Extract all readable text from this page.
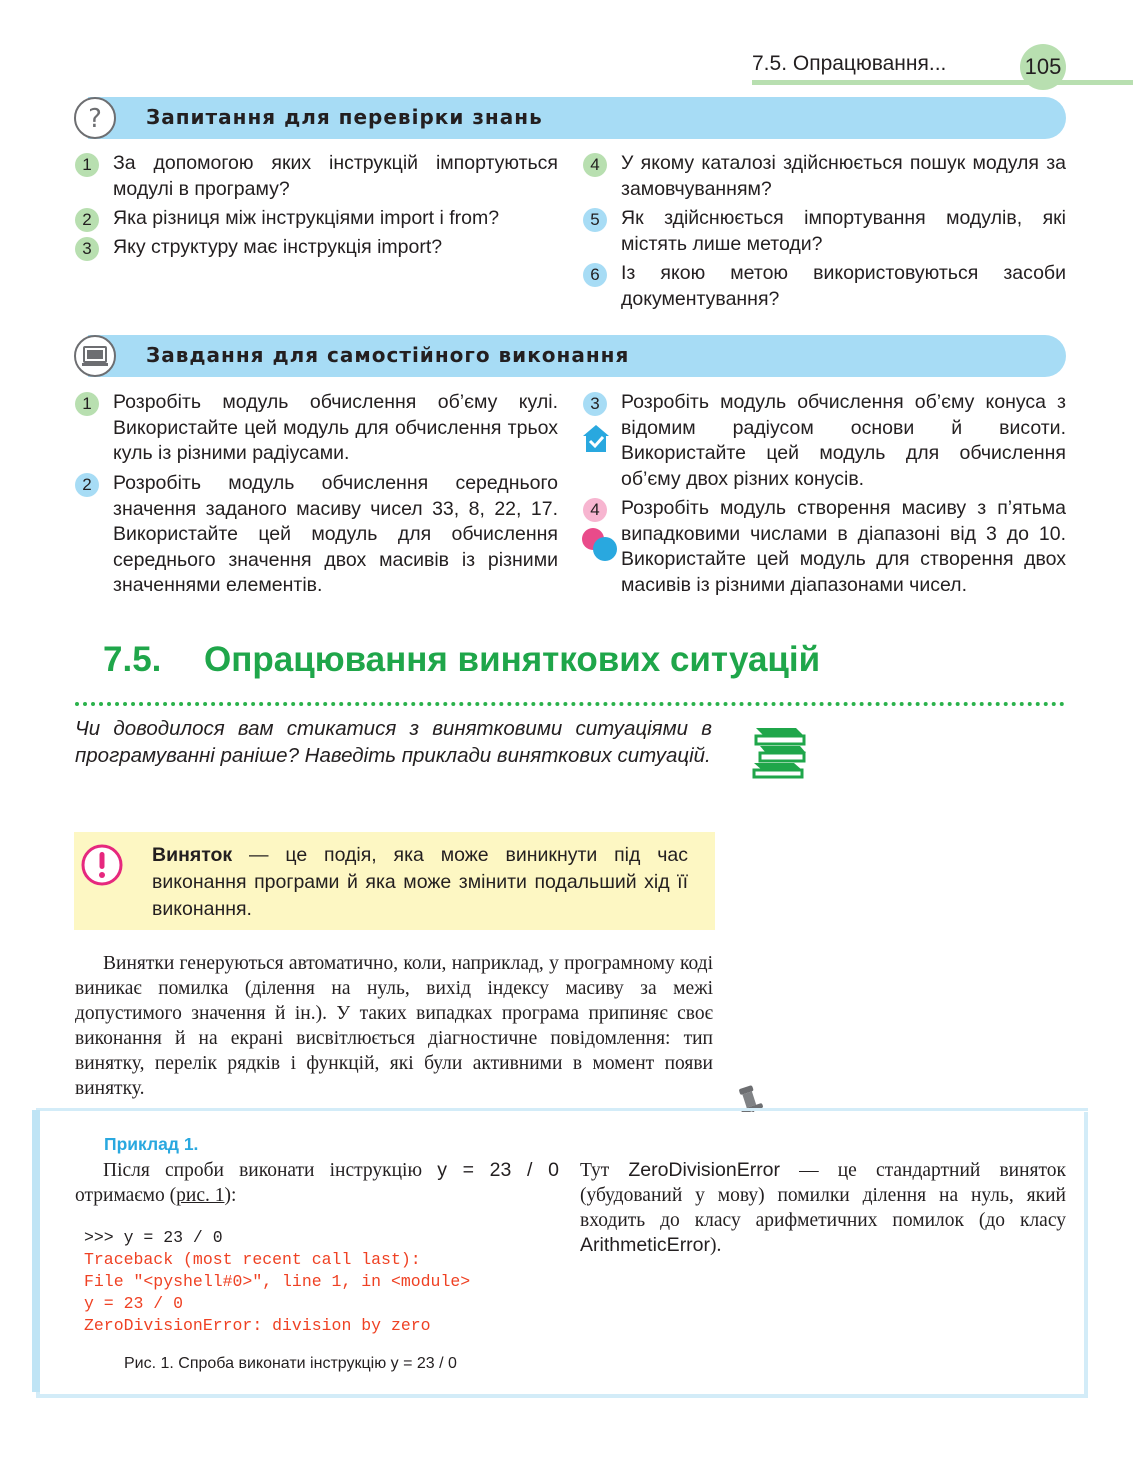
7.5. Опрацювання...	105
? Запитання для перевірки знань
1	За допомогою яких інструкцій імпортуються модулі в програму?
2	Яка різниця між інструкціями import і from?
3	Яку структуру має інструкція import?
4	У якому каталозі здійснюється пошук модуля за замовчуванням?
5	Як здійснюється імпортування модулів, які містять лише методи?
6	Із якою метою використовуються засоби документування?
Завдання для самостійного виконання
1	Розробіть модуль обчислення об’єму кулі. Використайте цей модуль для обчислення трьох куль із різними радіусами.
2	Розробіть модуль обчислення середнього значення заданого масиву чисел 33, 8, 22, 17. Використайте цей модуль для обчислення середнього значення двох масивів із різними значеннями елементів.
3	Розробіть модуль обчислення об’єму конуса з відомим радіусом основи й висоти. Використайте цей модуль для обчислення об’єму двох різних конусів.
4	Розробіть модуль створення масиву з п’ятьма випадковими числами в діапазоні від 3 до 10. Використайте цей модуль для створення двох масивів із різними діапазонами чисел.
7.5. Опрацювання виняткових ситуацій
Чи доводилося вам стикатися з винятковими ситуаціями в програмуванні раніше? Наведіть приклади виняткових ситуацій.
Виняток — це подія, яка може виникнути під час виконання програми й яка може змінити подальший хід її виконання.
Винятки генеруються автоматично, коли, наприклад, у програмному коді виникає помилка (ділення на нуль, вихід індексу масиву за межі допустимого значення й ін.). У таких випадках програма припиняє своє виконання й на екрані висвітлюється діагностичне повідомлення: тип винятку, перелік рядків і функцій, які були активними в момент появи винятку.
Приклад 1.
Після спроби виконати інструкцію y = 23 / 0 отримаємо (рис. 1):
>>> y = 23 / 0
Traceback (most recent call last):
File "<pyshell#0>", line 1, in <module>
y = 23 / 0
ZeroDivisionError: division by zero
Рис. 1. Спроба виконати інструкцію y = 23 / 0
Тут ZeroDivisionError — це стандартний виняток (убудований у мову) помилки ділення на нуль, який входить до класу арифметичних помилок (до класу ArithmeticError).
